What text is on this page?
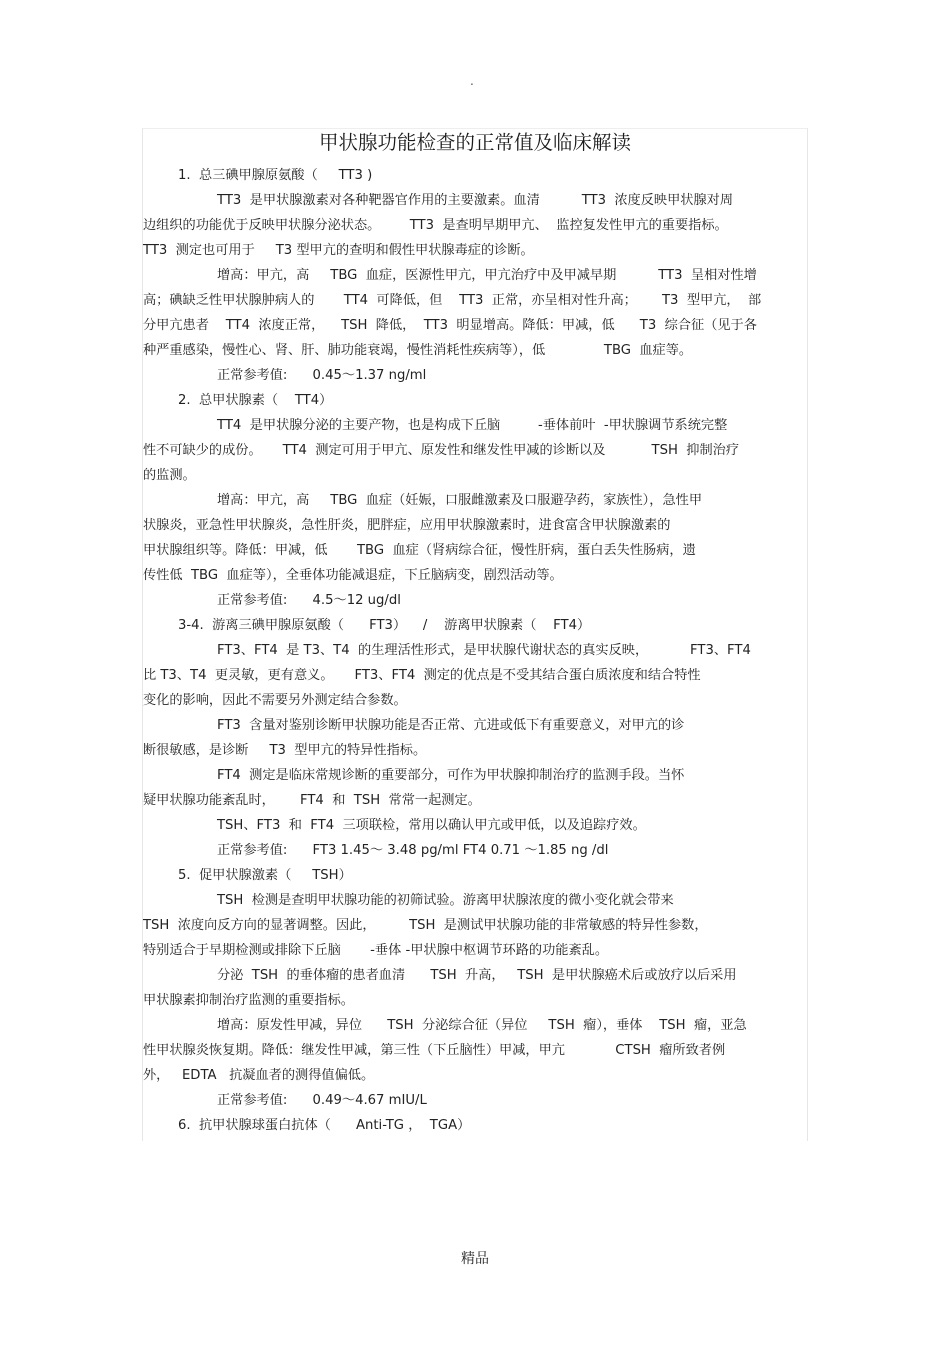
.
甲状腺功能检查的正常值及临床解读
1.  总三碘甲腺原氨酸（     TT3 )
TT3  是甲状腺激素对各种靶器官作用的主要激素。血清          TT3  浓度反映甲状腺对周
边组织的功能优于反映甲状腺分泌状态。       TT3  是查明早期甲亢、  监控复发性甲亢的重要指标。
TT3  测定也可用于     T3 型甲亢的查明和假性甲状腺毒症的诊断。
增高：甲亢，高     TBG  血症，医源性甲亢，甲亢治疗中及甲减早期          TT3  呈相对性增
高；碘缺乏性甲状腺肿病人的       TT4  可降低，但    TT3  正常，亦呈相对性升高；      T3  型甲亢，  部
分甲亢患者    TT4  浓度正常，    TSH  降低，  TT3  明显增高。降低：甲减，低      T3  综合征（见于各
种严重感染，慢性心、肾、肝、肺功能衰竭，慢性消耗性疾病等），低              TBG  血症等。
正常参考值:      0.45～1.37 ng/ml
2.  总甲状腺素（    TT4）
TT4  是甲状腺分泌的主要产物，也是构成下丘脑         -垂体前叶  -甲状腺调节系统完整
性不可缺少的成份。     TT4  测定可用于甲亢、原发性和继发性甲减的诊断以及           TSH  抑制治疗
的监测。
增高：甲亢，高     TBG  血症（妊娠，口服雌激素及口服避孕药，家族性），急性甲
状腺炎，亚急性甲状腺炎，急性肝炎，肥胖症，应用甲状腺激素时，进食富含甲状腺激素的
甲状腺组织等。降低：甲减，低       TBG  血症（肾病综合征，慢性肝病，蛋白丢失性肠病，遗
传性低  TBG  血症等），全垂体功能减退症，下丘脑病变，剧烈活动等。
正常参考值:      4.5～12 ug/dl
3-4.  游离三碘甲腺原氨酸（      FT3）    /    游离甲状腺素（    FT4）
FT3、FT4  是 T3、T4  的生理活性形式，是甲状腺代谢状态的真实反映，          FT3、FT4
比 T3、T4  更灵敏，更有意义。     FT3、FT4  测定的优点是不受其结合蛋白质浓度和结合特性
变化的影响，因此不需要另外测定结合参数。
FT3  含量对鉴别诊断甲状腺功能是否正常、亢进或低下有重要意义，对甲亢的诊
断很敏感，是诊断     T3  型甲亢的特异性指标。
FT4  测定是临床常规诊断的重要部分，可作为甲状腺抑制治疗的监测手段。当怀
疑甲状腺功能紊乱时，      FT4  和  TSH  常常一起测定。
TSH、FT3  和  FT4  三项联检，常用以确认甲亢或甲低，以及追踪疗效。
正常参考值:      FT3 1.45～ 3.48 pg/ml FT4 0.71 ～1.85 ng /dl
5.  促甲状腺激素（     TSH）
TSH  检测是查明甲状腺功能的初筛试验。游离甲状腺浓度的微小变化就会带来
TSH  浓度向反方向的显著调整。因此，        TSH  是测试甲状腺功能的非常敏感的特异性参数，
特别适合于早期检测或排除下丘脑       -垂体 -甲状腺中枢调节环路的功能紊乱。
分泌  TSH  的垂体瘤的患者血清      TSH  升高，   TSH  是甲状腺癌术后或放疗以后采用
甲状腺素抑制治疗监测的重要指标。
增高：原发性甲减，异位      TSH  分泌综合征（异位     TSH  瘤），垂体    TSH  瘤，亚急
性甲状腺炎恢复期。降低：继发性甲减，第三性（下丘脑性）甲减，甲亢            CTSH  瘤所致者例
外，   EDTA   抗凝血者的测得值偏低。
正常参考值:      0.49～4.67 mIU/L
6.  抗甲状腺球蛋白抗体（      Anti-TG ，  TGA）
精品
